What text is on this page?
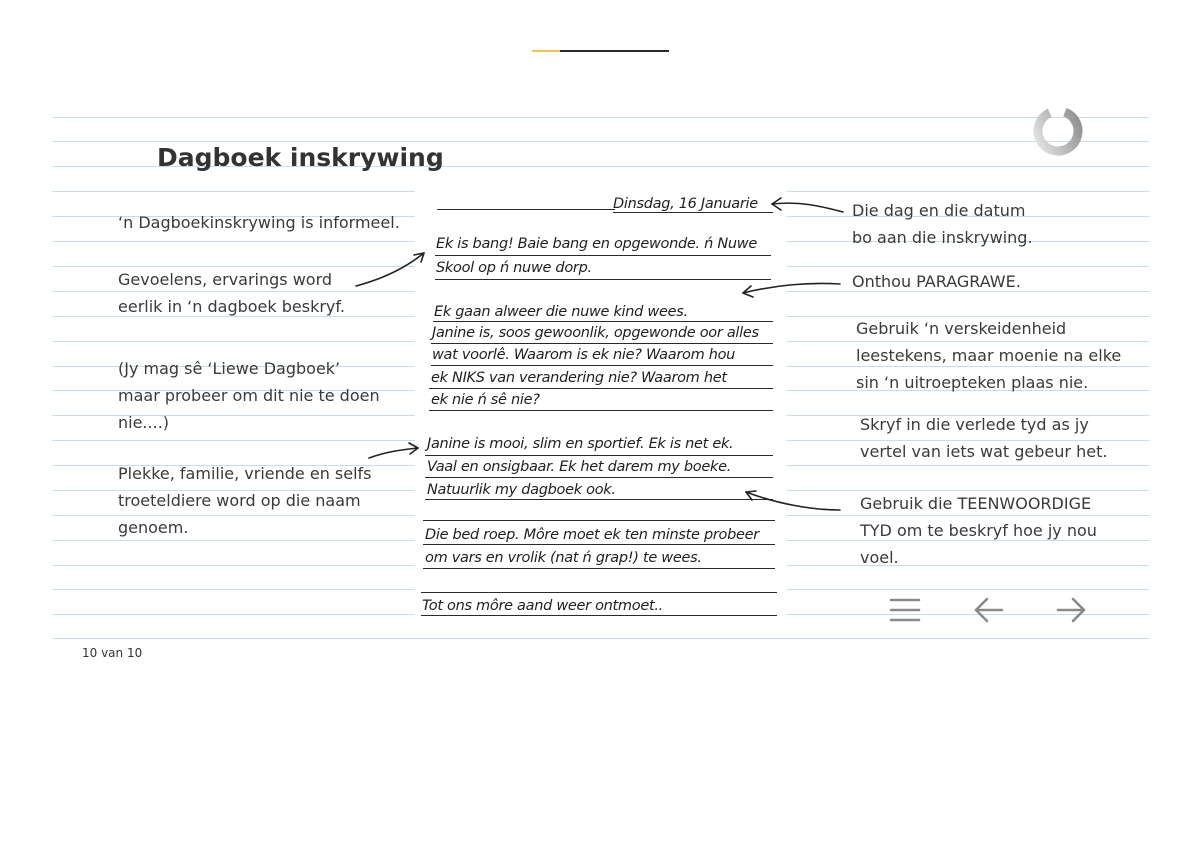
Dagboek inskrywing
‘n Dagboekinskrywing is informeel.
Gevoelens, ervarings word
eerlik in ‘n dagboek beskryf.
(Jy mag sê ‘Liewe Dagboek’
maar probeer om dit nie te doen
nie....)
Plekke, familie, vriende en selfs
troeteldiere word op die naam
genoem.
Die dag en die datum
bo aan die inskrywing.
Onthou PARAGRAWE.
Gebruik ‘n verskeidenheid
leestekens, maar moenie na elke
sin ‘n uitroepteken plaas nie.
Skryf in die verlede tyd as jy
vertel van iets wat gebeur het.
Gebruik die TEENWOORDIGE
TYD om te beskryf hoe jy nou
voel.
Dinsdag, 16 Januarie
Ek is bang! Baie bang en opgewonde. ń Nuwe
Skool op ń nuwe dorp.
Ek gaan alweer die nuwe kind wees.
Janine is, soos gewoonlik, opgewonde oor alles
wat voorlê. Waarom is ek nie? Waarom hou
ek NIKS van verandering nie? Waarom het
ek nie ń sê nie?
Janine is mooi, slim en sportief. Ek is net ek.
Vaal en onsigbaar. Ek het darem my boeke.
Natuurlik my dagboek ook.
Die bed roep. Môre moet ek ten minste probeer
om vars en vrolik (nat ń grap!) te wees.
Tot ons môre aand weer ontmoet..
10 van 10
